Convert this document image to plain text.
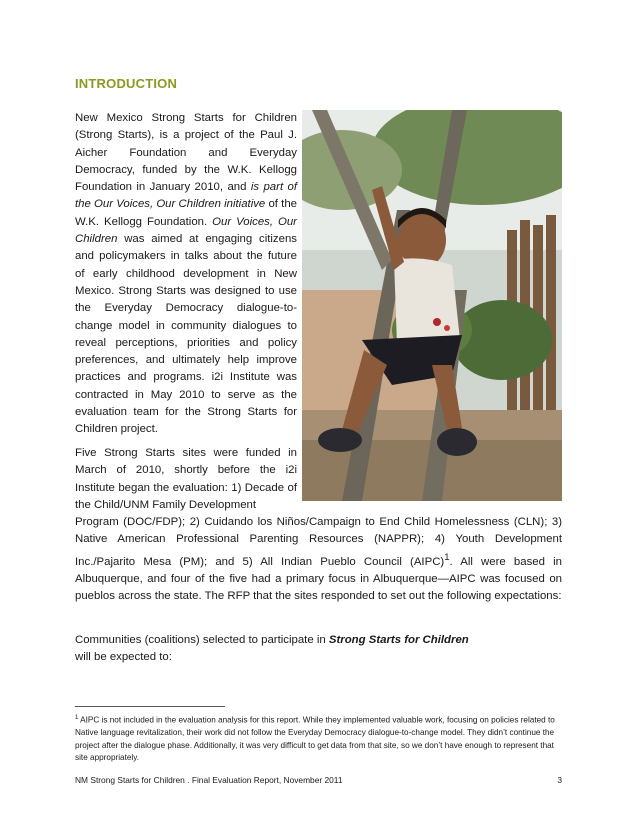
INTRODUCTION

New Mexico Strong Starts for Children (Strong Starts), is a project of the Paul J. Aicher Foundation and Everyday Democracy, funded by the W.K. Kellogg Foundation in January 2010, and is part of the Our Voices, Our Children initiative of the W.K. Kellogg Foundation. Our Voices, Our Children was aimed at engaging citizens and policymakers in talks about the future of early childhood development in New Mexico. Strong Starts was designed to use the Everyday Democracy dialogue-to-change model in community dialogues to reveal perceptions, priorities and policy preferences, and ultimately help improve practices and programs. i2i Institute was contracted in May 2010 to serve as the evaluation team for the Strong Starts for Children project.

Five Strong Starts sites were funded in March of 2010, shortly before the i2i Institute began the evaluation: 1) Decade of the Child/UNM Family Development
Program (DOC/FDP); 2) Cuidando los Niños/Campaign to End Child Homelessness (CLN); 3) Native American Professional Parenting Resources (NAPPR); 4) Youth Development Inc./Pajarito Mesa (PM); and 5) All Indian Pueblo Council (AIPC)$^1$. All were based in Albuquerque, and four of the five had a primary focus in Albuquerque—AIPC was focused on pueblos across the state. The RFP that the sites responded to set out the following expectations:

Communities (coalitions) selected to participate in Strong Starts for Children
will be expected to:

$^1$ AIPC is not included in the evaluation analysis for this report. While they implemented valuable work, focusing on policies related to Native language revitalization, their work did not follow the Everyday Democracy dialogue-to-change model. They didn’t continue the project after the dialogue phase. Additionally, it was very difficult to get data from that site, so we don’t have enough to represent that site appropriately.

NM Strong Starts for Children . Final Evaluation Report, November 2011	3
